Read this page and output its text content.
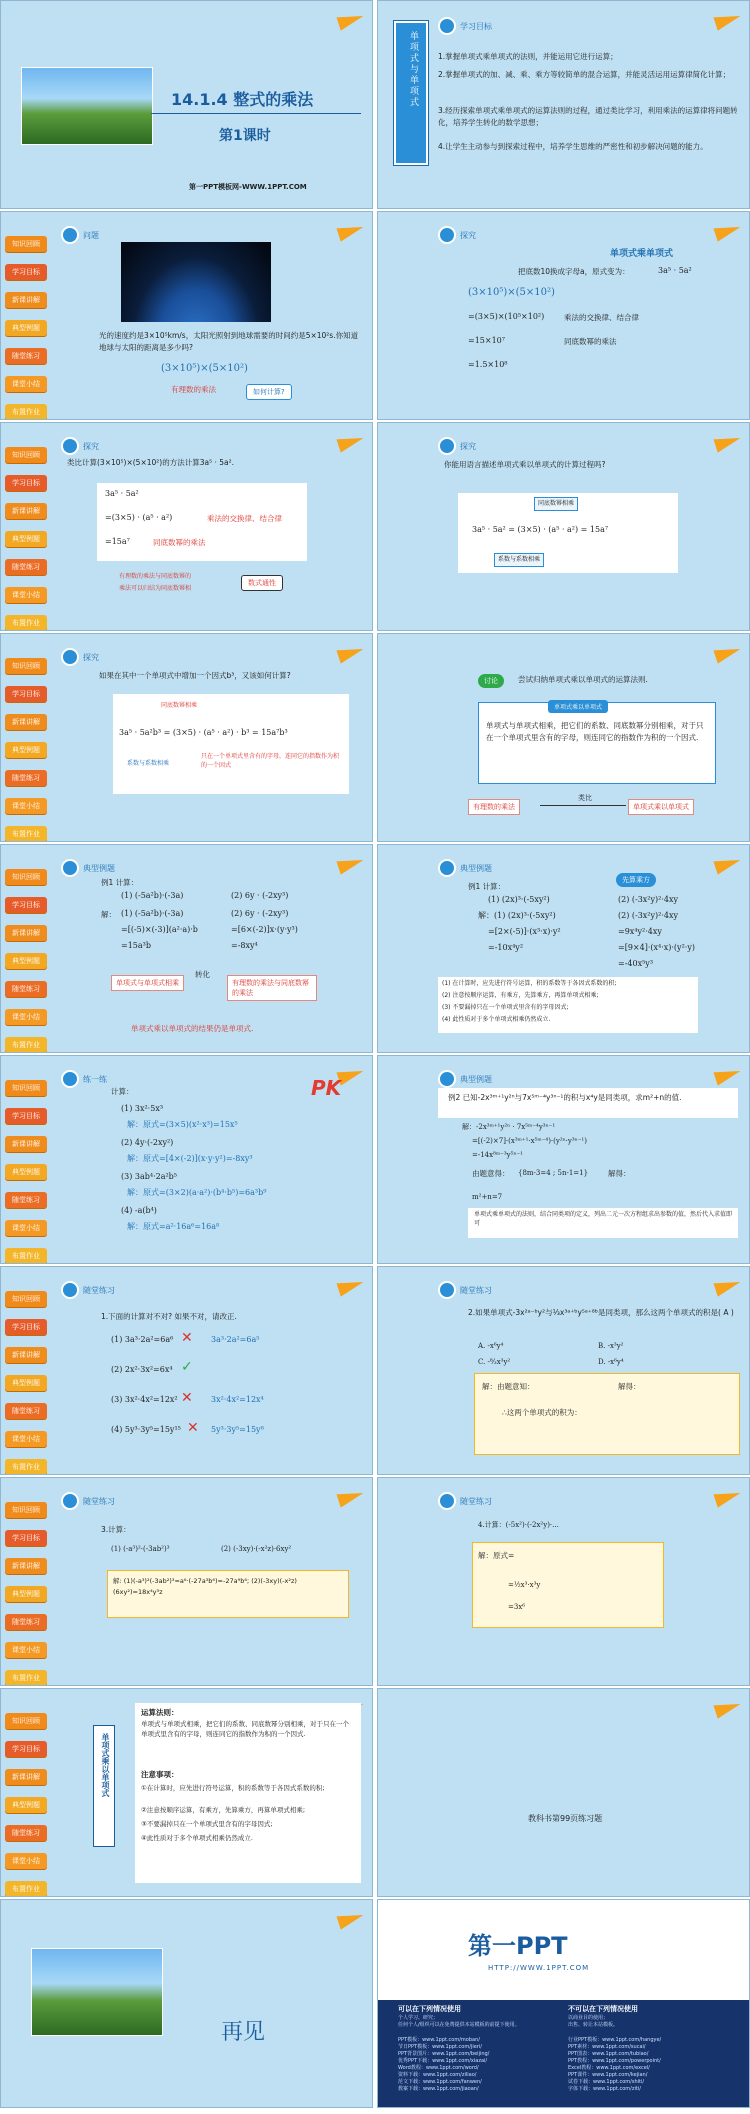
14.1.4 整式的乘法
第1课时
第一PPT模板网-WWW.1PPT.COM
单项式与单项式
学习目标
1.掌握单项式乘单项式的法则，并能运用它进行运算；
2.掌握单项式的加、减、乘、乘方等较简单的混合运算，并能灵活运用运算律简化计算；
3.经历探索单项式乘单项式的运算法则的过程，通过类比学习，利用乘法的运算律将问题转化，培养学生转化的数学思想；
4.让学生主动参与到探索过程中，培养学生思维的严密性和初步解决问题的能力。
知识回顾
学习目标
新课讲解
典型例题
随堂练习
课堂小结
布置作业
问题
光的速度约是3×10⁵km/s，太阳光照射到地球需要的时间约是5×10²s.你知道地球与太阳的距离是多少吗?
(3×10⁵)×(5×10²)
有理数的乘法	如何计算?
探究
单项式乘单项式
把底数10换成字母a，原式变为：	3a⁵ · 5a²
(3×10⁵)×(5×10²)
=(3×5)×(10⁵×10²)	乘法的交换律、结合律
=15×10⁷	同底数幂的乘法
=1.5×10⁸
知识回顾
学习目标
新课讲解
典型例题
随堂练习
课堂小结
布置作业
探究
类比计算(3×10⁵)×(5×10²)的方法计算3a⁵ · 5a².
3a⁵ · 5a²
=(3×5) · (a⁵ · a²)	乘法的交换律、结合律
=15a⁷	同底数幂的乘法
有理数的乘法与同底数幂的
乘法可以归结为同底数幂相
数式通性
探究
你能用语言描述单项式乘以单项式的计算过程吗?
同底数幂相乘
3a⁵ · 5a² = (3×5) · (a⁵ · a²) = 15a⁷
系数与系数相乘
知识回顾
学习目标
新课讲解
典型例题
随堂练习
课堂小结
布置作业
探究
如果在其中一个单项式中增加一个因式b³，又该如何计算?
同底数幂相乘
3a⁵ · 5a²b³ = (3×5) · (a⁵ · a²) · b³ = 15a⁷b³
系数与系数相乘
只在一个单项式里含有的字母，连同它的指数作为积的一个因式
讨论	尝试归纳单项式乘以单项式的运算法则.
单项式乘以单项式
单项式与单项式相乘，把它们的系数、同底数幂分别相乘，对于只在一个单项式里含有的字母，则连同它的指数作为积的一个因式.
有理数的乘法
类比
单项式乘以单项式
知识回顾
学习目标
新课讲解
典型例题
随堂练习
课堂小结
布置作业
典型例题
例1 计算：
(1) (-5a²b)·(-3a)	(2) 6y · (-2xy³)
解： (1) (-5a²b)·(-3a)	(2) 6y · (-2xy³)
=[(-5)×(-3)](a²·a)·b	=[6×(-2)]x·(y·y³)
=15a³b	=-8xy⁴
单项式与单项式相乘
转化
有理数的乘法与同底数幂的乘法
单项式乘以单项式的结果仍是单项式.
典型例题
先算乘方
例1 计算：
(1) (2x)³·(-5xy²)	(2) (-3x²y)²·4xy
解：(1) (2x)³·(-5xy²)	(2) (-3x²y)²·4xy
=[2×(-5)]·(x³·x)·y²	=9x⁴y²·4xy
=-10x⁴y²	=[9×4]·(x⁴·x)·(y²·y)
=-40x⁵y³
(1) 在计算时，应先进行符号运算，积的系数等于各因式系数的积;
(2) 注意按顺序运算，有乘方，先算乘方，再算单项式相乘;
(3) 不要漏掉只在一个单项式里含有的字母因式;
(4) 此性质对于多个单项式相乘仍然成立.
知识回顾
学习目标
新课讲解
典型例题
随堂练习
课堂小结
布置作业
练一练
计算：
(1) 3x²·5x³
解：原式=(3×5)(x²·x³)=15x⁵
(2) 4y·(-2xy²)
解：原式=[4×(-2)](x·y·y²)=-8xy³
(3) 3ab⁴·2a²b⁵
解：原式=(3×2)(a·a²)·(b⁴·b⁵)=6a³b⁹
(4) -a(b⁴)
解：原式=a²·16a⁶=16a⁸
PK	典型例题
例2 已知-2x³ᵐ⁺¹y²ⁿ与7x⁵ᵐ⁻⁴y³ⁿ⁻¹的积与x⁴y是同类项，求m²+n的值.
解：-2x³ᵐ⁺¹y²ⁿ · 7x⁵ᵐ⁻⁴y³ⁿ⁻¹
=[(-2)×7]·(x³ᵐ⁺¹·x⁵ᵐ⁻⁴)·(y²ⁿ·y³ⁿ⁻¹)
=-14x⁸ᵐ⁻³y⁵ⁿ⁻¹
由题意得： {8m-3=4 ; 5n-1=1}	解得：
m²+n=7
单项式乘单项式的法则，结合同类项的定义，列出二元一次方程组求出参数的值，然后代入求值即可
知识回顾
学习目标
新课讲解
典型例题
随堂练习
课堂小结
布置作业
随堂练习
1.下面的计算对不对? 如果不对，请改正.
(1) 3a³·2a²=6a⁶ ✕ 3a³·2a²=6a⁵
(2) 2x²·3x²=6x⁴ ✓
(3) 3x²·4x²=12x² ✕ 3x²·4x²=12x⁴
(4) 5y³·3y⁵=15y¹⁵ ✕ 5y³·3y⁵=15y⁸
随堂练习
2.如果单项式-3x²ᵃ⁻ᵇy²与⅓x³ᵃ⁺ᵇy⁵ᵃ⁺⁸ᵇ是同类项，那么这两个单项式的积是( A )
A. -x⁶y⁴	B. -x³y²
C. -⁸⁄₃x³y²	D. -x⁶y⁴
解：由题意知：	解得：
∴这两个单项式的积为：
知识回顾
学习目标
新课讲解
典型例题
随堂练习
课堂小结
布置作业
随堂练习
3.计算：
(1) (-a³)²·(-3ab²)³	(2) (-3xy)·(-x²z)·6xy²
解: (1)(-a³)²(-3ab²)³=a⁶·(-27a³b⁶)=-27a⁹b⁶; (2)(-3xy)(-x²z)(6xy²)=18x⁴y³z
随堂练习
4.计算：(-5x²)·(-2x²y)·...
解：原式=
=½x³·x³y
=3x⁶
知识回顾
学习目标
新课讲解
典型例题
随堂练习
课堂小结
布置作业
单项式乘以单项式
运算法则：
单项式与单项式相乘，把它们的系数、同底数幂分别相乘，对于只在一个单项式里含有的字母，则连同它的指数作为积的一个因式.
注意事项：
①在计算时，应先进行符号运算，积的系数等于各因式系数的积;
②注意按顺序运算，有乘方，先算乘方，再算单项式相乘;
③不要漏掉只在一个单项式里含有的字母因式;
④此性质对于多个单项式相乘仍然成立.
教科书第99页练习题
再见
第一PPT
HTTP://WWW.1PPT.COM
可以在下列情况使用	不可以在下列情况使用
个人学习、研究；
任何个人/组织可以在免费提供本站模板的前提下使用。
以商业目的使用；
出售、转让本站模板。
PPT模板：www.1ppt.com/moban/
节日PPT模板：www.1ppt.com/jieri/
PPT背景图片：www.1ppt.com/beijing/
优秀PPT下载：www.1ppt.com/xiazai/
Word教程：www.1ppt.com/word/
资料下载：www.1ppt.com/ziliao/
范文下载：www.1ppt.com/fanwen/
教案下载：www.1ppt.com/jiaoan/
行业PPT模板：www.1ppt.com/hangye/
PPT素材：www.1ppt.com/sucai/
PPT图表：www.1ppt.com/tubiao/
PPT教程：www.1ppt.com/powerpoint/
Excel教程：www.1ppt.com/excel/
PPT课件：www.1ppt.com/kejian/
试卷下载：www.1ppt.com/shiti/
字体下载：www.1ppt.com/ziti/
